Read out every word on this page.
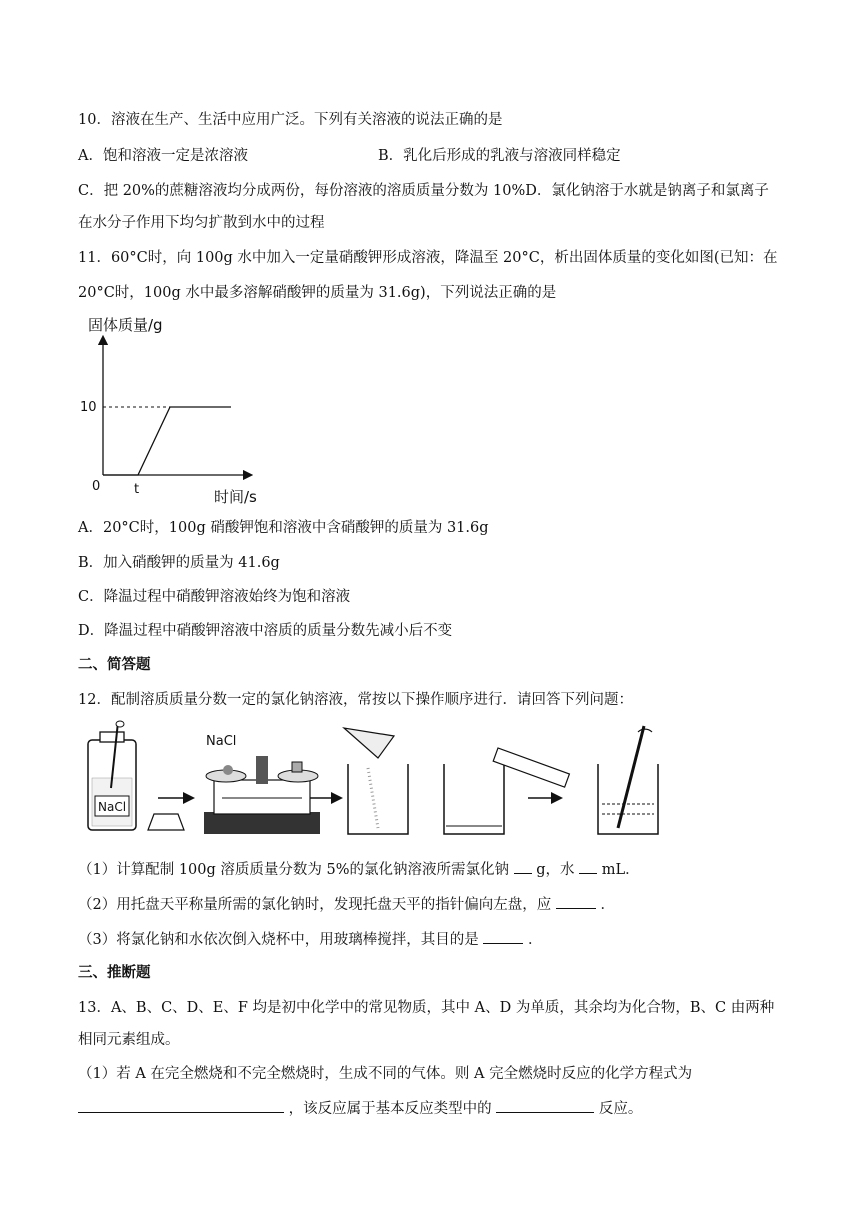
10．溶液在生产、生活中应用广泛。下列有关溶液的说法正确的是
A．饱和溶液一定是浓溶液	B．乳化后形成的乳液与溶液同样稳定
C．把 20%的蔗糖溶液均分成两份，每份溶液的溶质质量分数为 10%D．氯化钠溶于水就是钠离子和氯离子
在水分子作用下均匀扩散到水中的过程
11．60°C时，向 100g 水中加入一定量硝酸钾形成溶液，降温至 20°C，析出固体质量的变化如图(已知：在
20°C时，100g 水中最多溶解硝酸钾的质量为 31.6g)，下列说法正确的是
固体质量/g
10
0	t	时间/s
A．20°C时，100g 硝酸钾饱和溶液中含硝酸钾的质量为 31.6g
B．加入硝酸钾的质量为 41.6g
C．降温过程中硝酸钾溶液始终为饱和溶液
D．降温过程中硝酸钾溶液中溶质的质量分数先减小后不变
二、简答题
12．配制溶质质量分数一定的氯化钠溶液，常按以下操作顺序进行．请回答下列问题：
NaCl
NaCl
（1）计算配制 100g 溶质质量分数为 5%的氯化钠溶液所需氯化钠  g，水  mL．
（2）用托盘天平称量所需的氯化钠时，发现托盘天平的指针偏向左盘，应	．
（3）将氯化钠和水依次倒入烧杯中，用玻璃棒搅拌，其目的是	．
三、推断题
13．A、B、C、D、E、F 均是初中化学中的常见物质，其中 A、D 为单质，其余均为化合物，B、C 由两种
相同元素组成。
（1）若 A 在完全燃烧和不完全燃烧时，生成不同的气体。则 A 完全燃烧时反应的化学方程式为
，该反应属于基本反应类型中的	反应。
